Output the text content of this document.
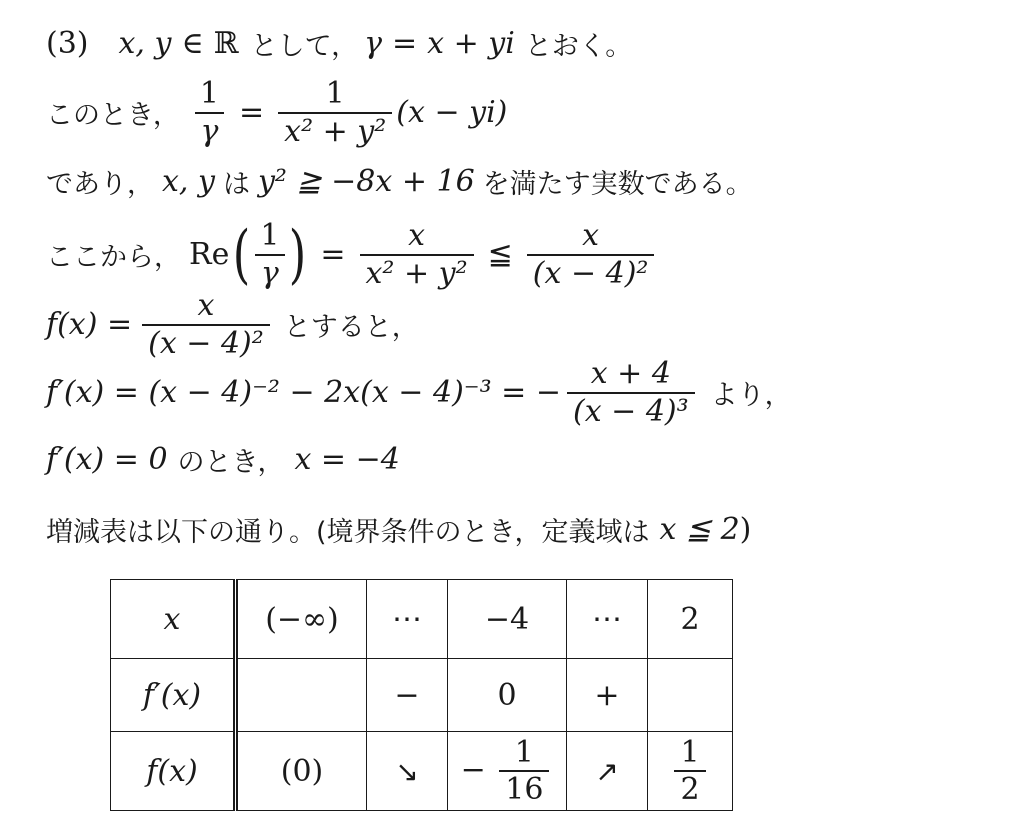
(3) x, y ∈ ℝ として， γ = x + yi とおく。
このとき， $\frac{1}{\gamma} = \frac{1}{\text{x² + y²}} (x - yi)$
であり， x, y は y² ≧ −8x + 16 を満たす実数である。
ここから， Re ( $\frac{1}{\gamma}$ ) = $\frac{x}{\text{x² + y²}}$ ≦ $\frac{x}{\text{(x − 4)²}}$
$f(x) = \frac{x}{\text{(x − 4)²}}$ とすると，
f′(x) = (x − 4)⁻² − 2x(x − 4)⁻³ = − $\frac{x + 4}{\text{(x − 4)³}}$ より，
f′(x) = 0 のとき， x = −4
増減表は以下の通り。(境界条件のとき，定義域は x ≦ 2 )
x	(−∞)	⋯	−4	⋯	2
f′(x)		−	0	+	
f(x)	(0)	↘	− $\frac{1}{16}$	↗	$\frac{1}{2}$
